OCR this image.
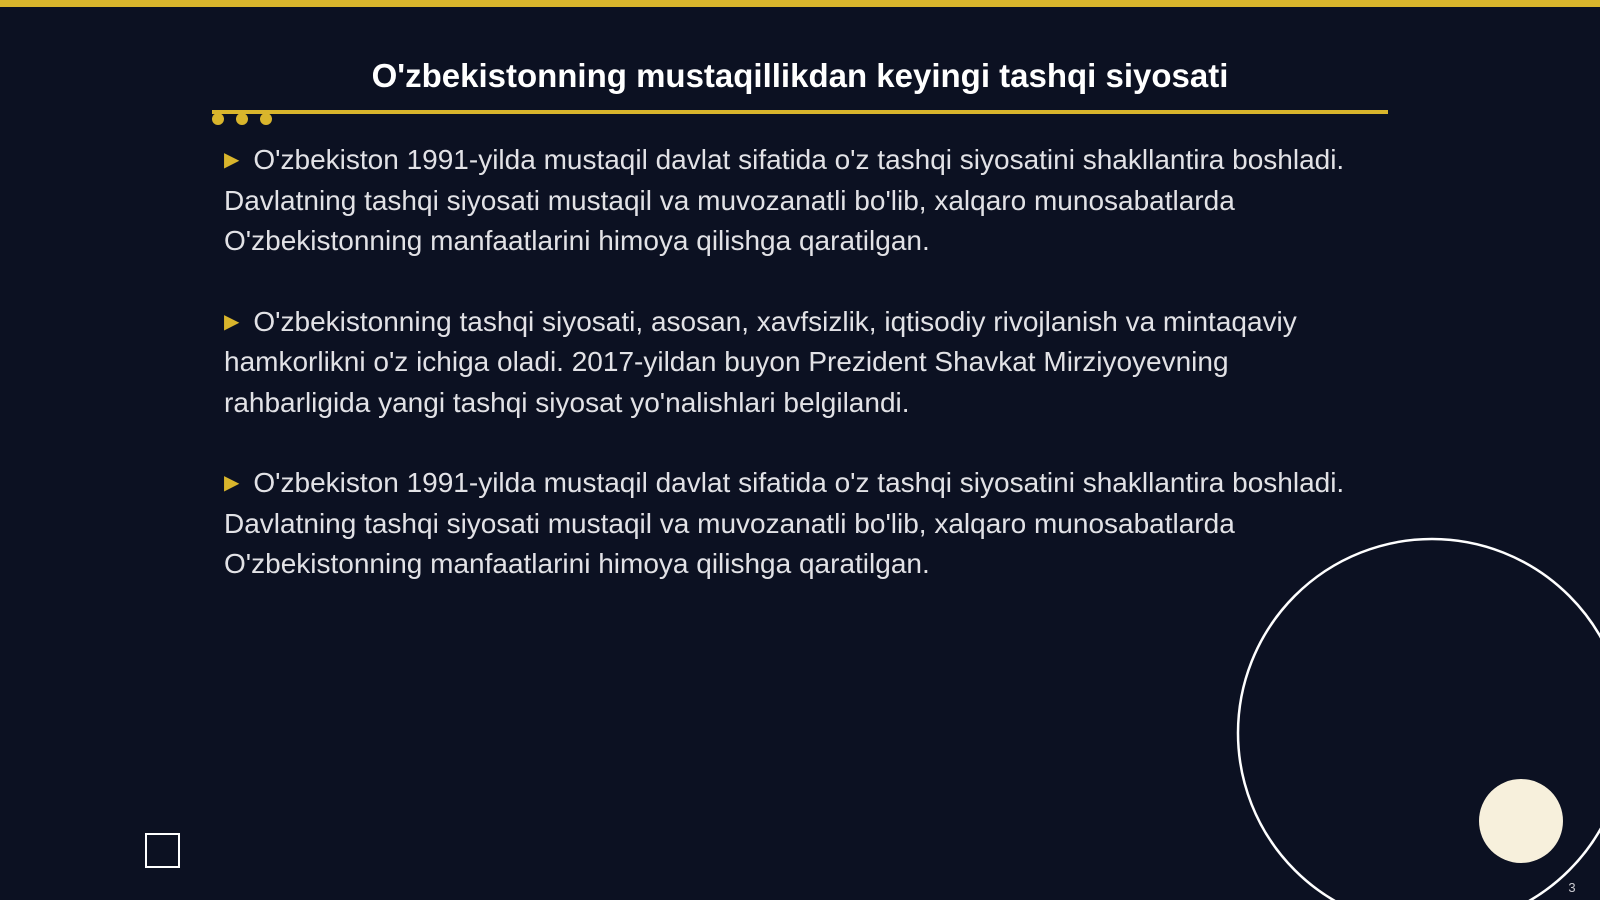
O'zbekistonning mustaqillikdan keyingi tashqi siyosati

▶ O'zbekiston 1991-yilda mustaqil davlat sifatida o'z tashqi siyosatini shakllantira boshladi. Davlatning tashqi siyosati mustaqil va muvozanatli bo'lib, xalqaro munosabatlarda O'zbekistonning manfaatlarini himoya qilishga qaratilgan.

▶ O'zbekistonning tashqi siyosati, asosan, xavfsizlik, iqtisodiy rivojlanish va mintaqaviy hamkorlikni o'z ichiga oladi. 2017-yildan buyon Prezident Shavkat Mirziyoyevning rahbarligida yangi tashqi siyosat yo'nalishlari belgilandi.

▶ O'zbekiston 1991-yilda mustaqil davlat sifatida o'z tashqi siyosatini shakllantira boshladi. Davlatning tashqi siyosati mustaqil va muvozanatli bo'lib, xalqaro munosabatlarda O'zbekistonning manfaatlarini himoya qilishga qaratilgan.

3
